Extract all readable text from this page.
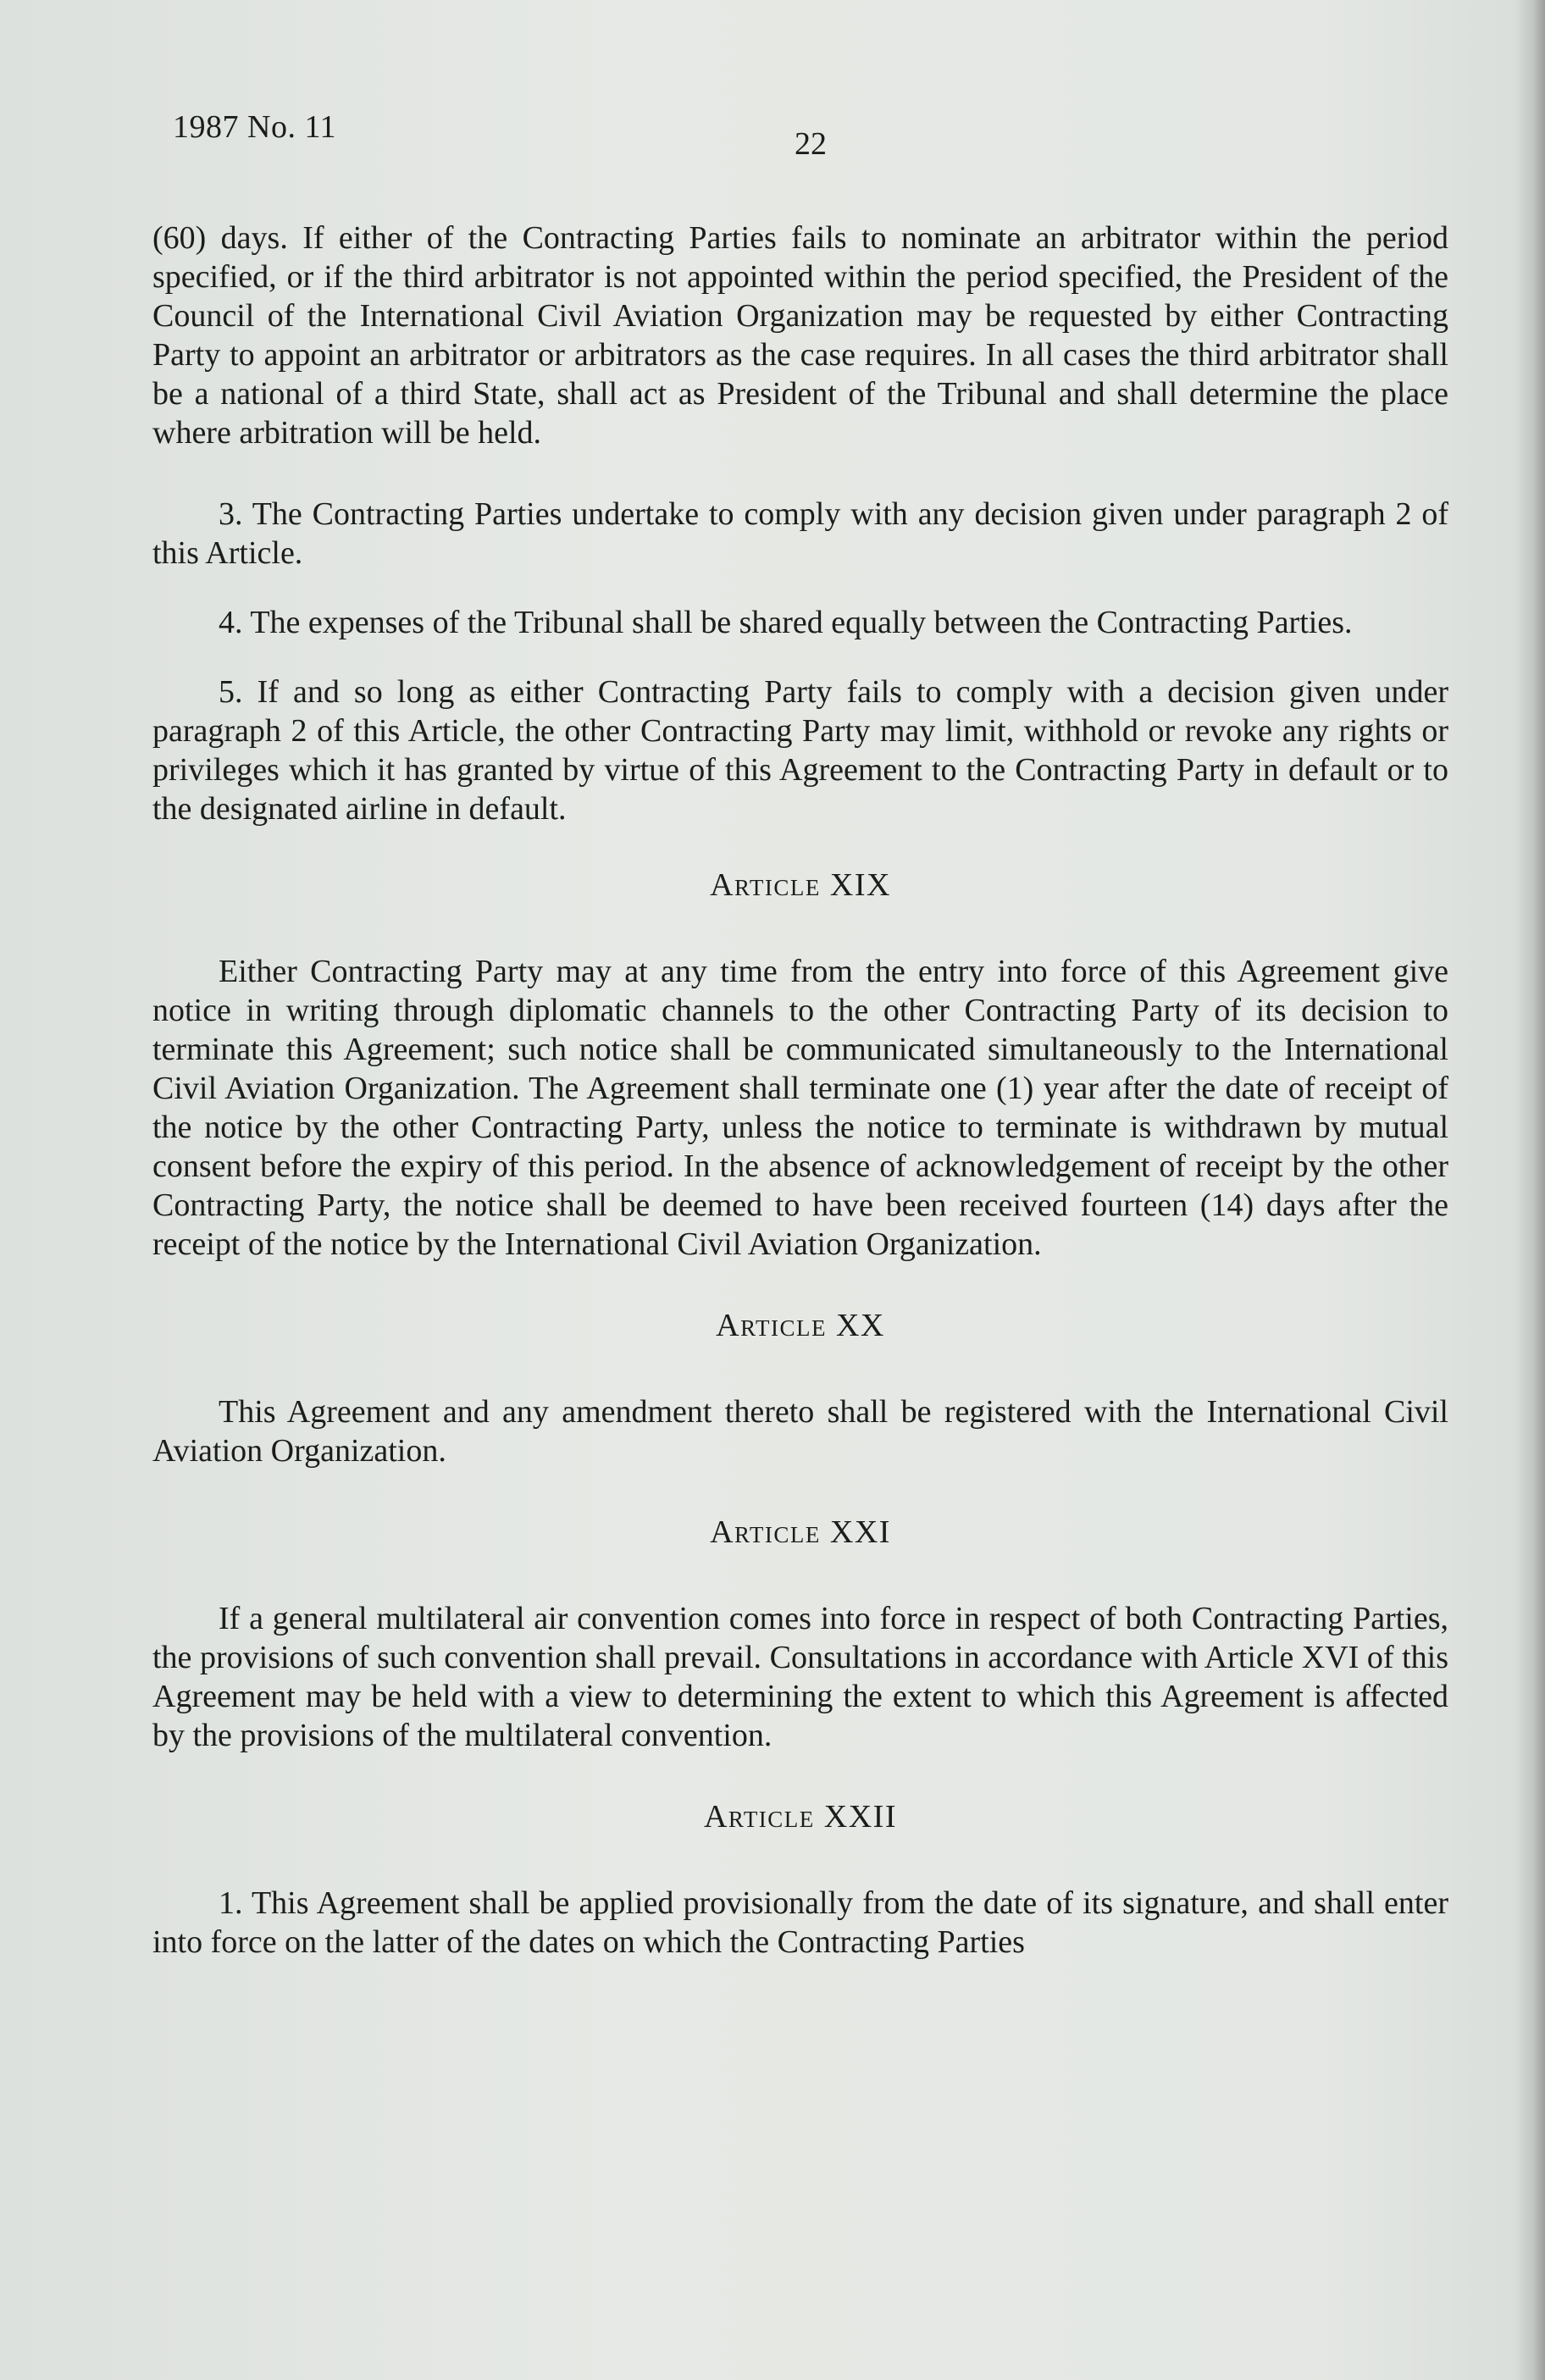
1987 No. 11	22

(60) days. If either of the Contracting Parties fails to nominate an arbitrator within the period specified, or if the third arbitrator is not appointed within the period specified, the President of the Council of the International Civil Aviation Organization may be requested by either Contracting Party to appoint an arbitrator or arbitrators as the case requires. In all cases the third arbitrator shall be a national of a third State, shall act as President of the Tribunal and shall determine the place where arbitration will be held.

3. The Contracting Parties undertake to comply with any decision given under paragraph 2 of this Article.

4. The expenses of the Tribunal shall be shared equally between the Contracting Parties.

5. If and so long as either Contracting Party fails to comply with a decision given under paragraph 2 of this Article, the other Contracting Party may limit, withhold or revoke any rights or privileges which it has granted by virtue of this Agreement to the Contracting Party in default or to the designated airline in default.

Article XIX

Either Contracting Party may at any time from the entry into force of this Agreement give notice in writing through diplomatic channels to the other Contracting Party of its decision to terminate this Agreement; such notice shall be communicated simultaneously to the International Civil Aviation Organization. The Agreement shall terminate one (1) year after the date of receipt of the notice by the other Contracting Party, unless the notice to terminate is withdrawn by mutual consent before the expiry of this period. In the absence of acknowledgement of receipt by the other Contracting Party, the notice shall be deemed to have been received fourteen (14) days after the receipt of the notice by the International Civil Aviation Organization.

Article XX

This Agreement and any amendment thereto shall be registered with the International Civil Aviation Organization.

Article XXI

If a general multilateral air convention comes into force in respect of both Contracting Parties, the provisions of such convention shall prevail. Consultations in accordance with Article XVI of this Agreement may be held with a view to determining the extent to which this Agreement is affected by the provisions of the multilateral convention.

Article XXII

1. This Agreement shall be applied provisionally from the date of its signature, and shall enter into force on the latter of the dates on which the Contracting Parties
